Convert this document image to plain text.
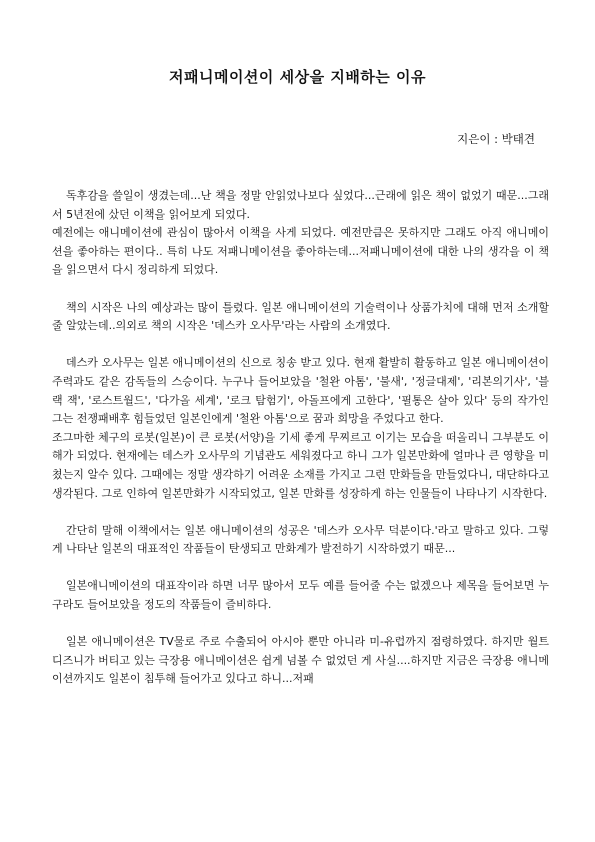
저패니메이션이 세상을 지배하는 이유

지은이 : 박태견

독후감을 쓸일이 생겼는데...난 책을 정말 안읽었나보다 싶었다...근래에 읽은 책이 없었기 때문...그래서 5년전에 샀던 이책을 읽어보게 되었다.

예전에는 애니메이션에 관심이 많아서 이책을 사게 되었다. 예전만큼은 못하지만 그래도 아직 애니메이션을 좋아하는 편이다.. 특히 나도 저패니메이션을 좋아하는데...저패니메이션에 대한 나의 생각을 이 책을 읽으면서 다시 정리하게 되었다.

책의 시작은 나의 예상과는 많이 틀렸다. 일본 애니메이션의 기술력이나 상품가치에 대해 먼저 소개할 줄 알았는데..의외로 책의 시작은 '데스카 오사무'라는 사람의 소개였다.

데스카 오사무는 일본 애니메이션의 신으로 칭송 받고 있다. 현재 활발히 활동하고 일본 애니메이션이 주력과도 같은 감독들의 스승이다. 누구나 들어보았을 '철완 아톰', '불새', '정글대제', '리본의기사', '블랙 잭', '로스트월드', '다가올 세계', '로크 탐험기', 아돌프에게 고한다', '필통은 살아 있다' 등의 작가인 그는 전쟁패배후 힘들었던 일본인에게 '철완 아톰'으로 꿈과 희망을 주었다고 한다.

조그마한 체구의 로봇(일본)이 큰 로봇(서양)을 기세 좋게 무찌르고 이기는 모습을 떠올리니 그부분도 이해가 되었다. 현재에는 데스카 오사무의 기념관도 세워졌다고 하니 그가 일본만화에 얼마나 큰 영향을 미쳤는지 알수 있다. 그때에는 정말 생각하기 어려운 소재를 가지고 그런 만화들을 만들었다니, 대단하다고 생각된다. 그로 인하여 일본만화가 시작되었고, 일본 만화를 성장하게 하는 인물들이 나타나기 시작한다.

간단히 말해 이책에서는 일본 애니메이션의 성공은 '데스카 오사무 덕분이다.'라고 말하고 있다. 그렇게 나타난 일본의 대표적인 작품들이 탄생되고 만화계가 발전하기 시작하였기 때문...

일본애니메이션의 대표작이라 하면 너무 많아서 모두 예를 들어줄 수는 없겠으나 제목을 들어보면 누구라도 들어보았을 정도의 작품들이 즐비하다.

일본 애니메이션은 TV물로 주로 수출되어 아시아 뿐만 아니라 미-유럽까지 점령하였다. 하지만 월트디즈니가 버티고 있는 극장용 애니메이션은 쉽게 넘볼 수 없었던 게 사실....하지만 지금은 극장용 애니메이션까지도 일본이 침투해 들어가고 있다고 하니...저패
